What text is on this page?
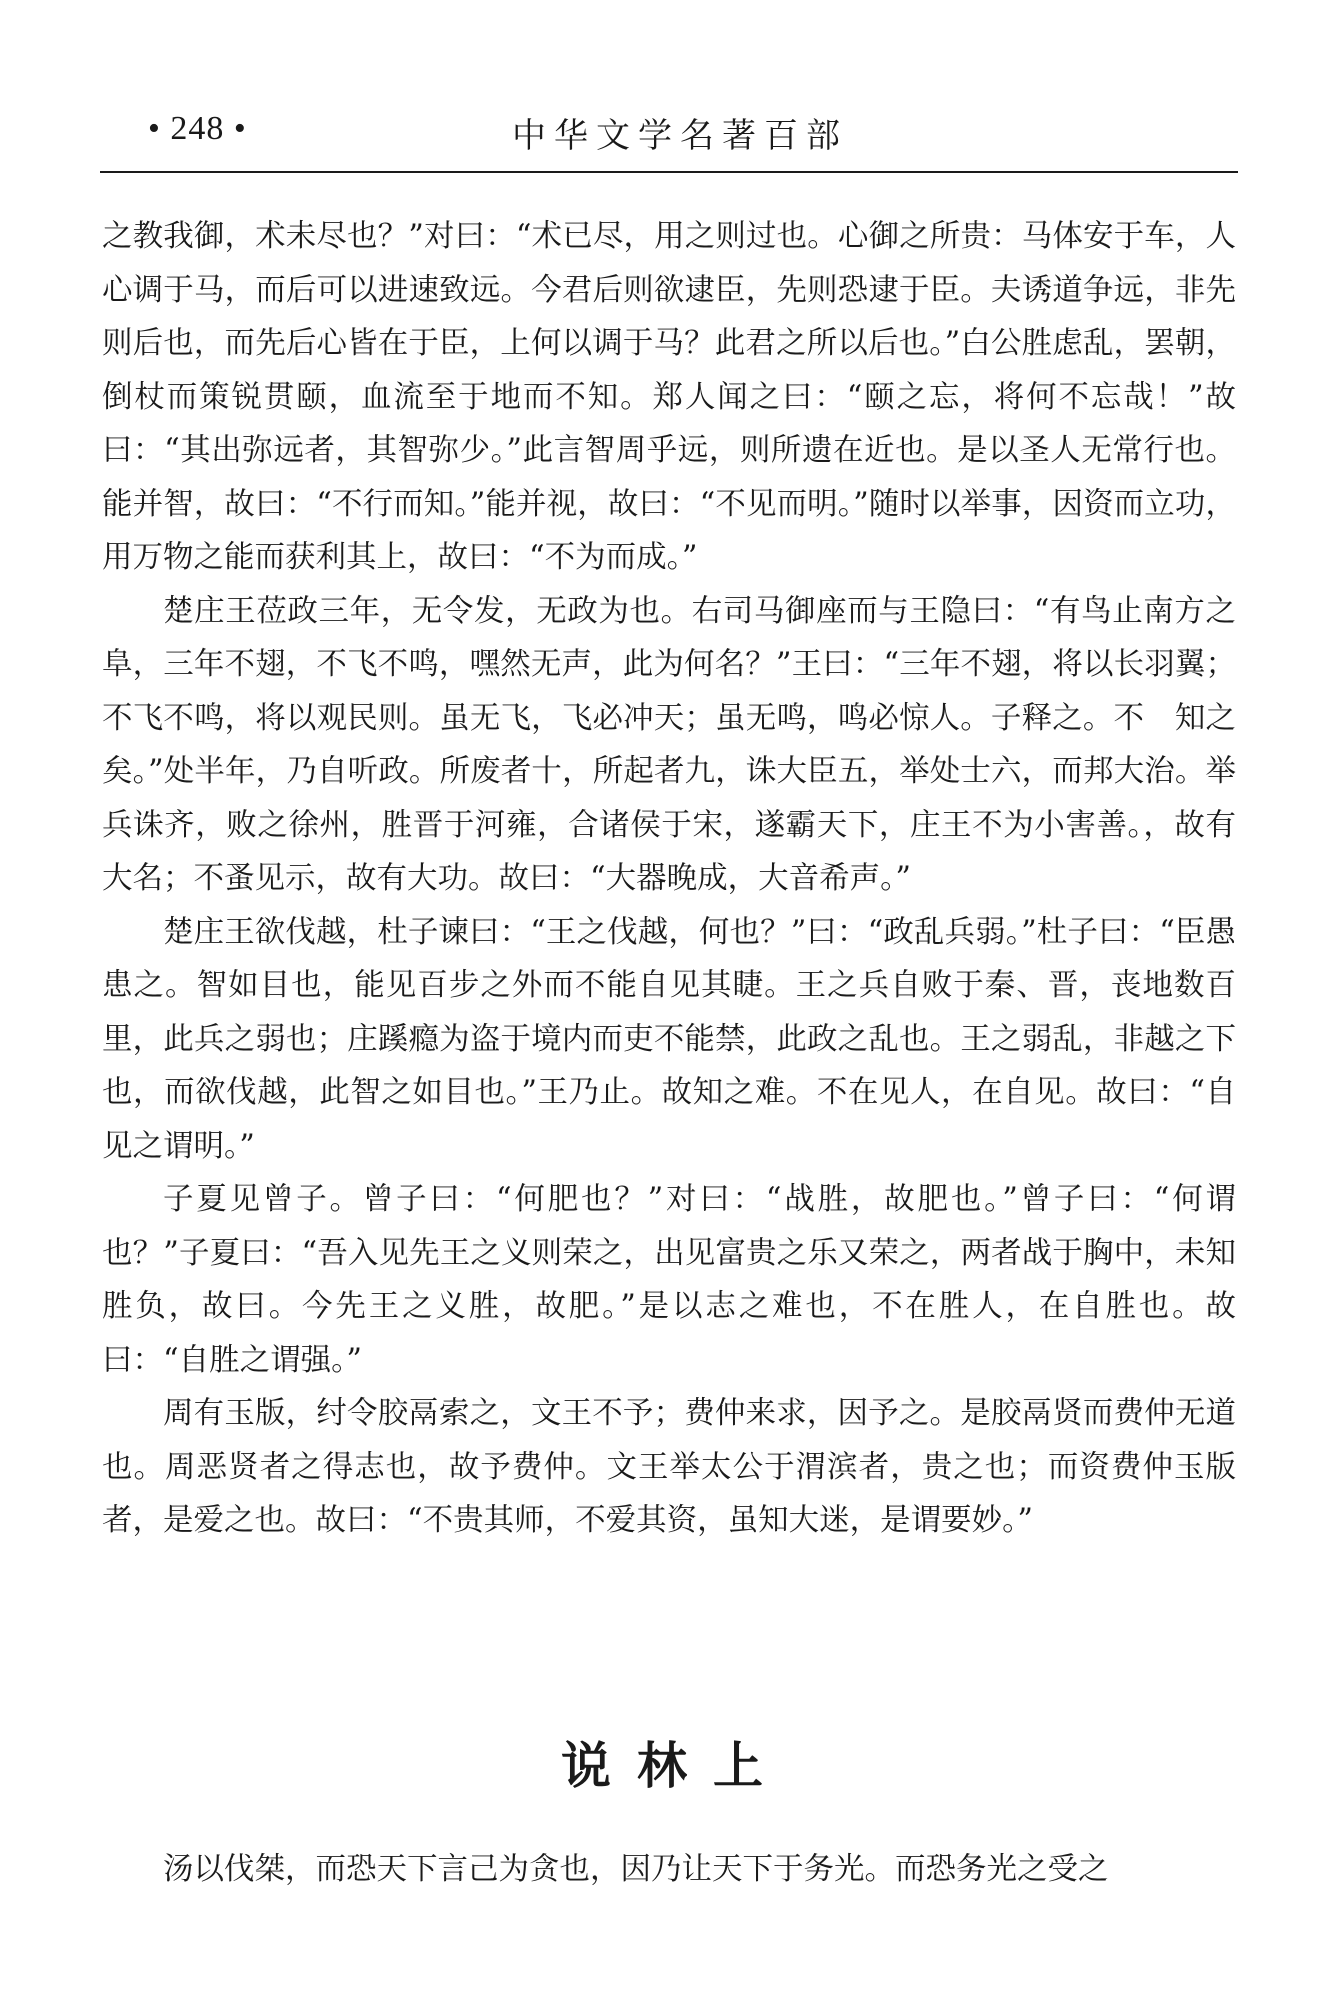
• 248 •	中华文学名著百部

之教我御，术未尽也？”对曰：“术已尽，用之则过也。心御之所贵：马体安于车，人心调于马，而后可以进速致远。今君后则欲逮臣，先则恐逮于臣。夫诱道争远，非先则后也，而先后心皆在于臣，上何以调于马？此君之所以后也。”白公胜虑乱，罢朝，倒杖而策锐贯颐，血流至于地而不知。郑人闻之曰：“颐之忘，将何不忘哉！”故曰：“其出弥远者，其智弥少。”此言智周乎远，则所遗在近也。是以圣人无常行也。能并智，故曰：“不行而知。”能并视，故曰：“不见而明。”随时以举事，因资而立功，用万物之能而获利其上，故曰：“不为而成。”

楚庄王莅政三年，无令发，无政为也。右司马御座而与王隐曰：“有鸟止南方之阜，三年不翅，不飞不鸣，嘿然无声，此为何名？”王曰：“三年不翅，将以长羽翼；不飞不鸣，将以观民则。虽无飞，飞必冲天；虽无鸣，鸣必惊人。子释之。不　知之矣。”处半年，乃自听政。所废者十，所起者九，诛大臣五，举处士六，而邦大治。举兵诛齐，败之徐州，胜晋于河雍，合诸侯于宋，遂霸天下，庄王不为小害善。，故有大名；不蚤见示，故有大功。故曰：“大器晚成，大音希声。”

楚庄王欲伐越，杜子谏曰：“王之伐越，何也？”曰：“政乱兵弱。”杜子曰：“臣愚患之。智如目也，能见百步之外而不能自见其睫。王之兵自败于秦、晋，丧地数百里，此兵之弱也；庄蹊瘾为盗于境内而吏不能禁，此政之乱也。王之弱乱，非越之下也，而欲伐越，此智之如目也。”王乃止。故知之难。不在见人，在自见。故曰：“自见之谓明。”

子夏见曾子。曾子曰：“何肥也？”对曰：“战胜，故肥也。”曾子曰：“何谓也？”子夏曰：“吾入见先王之义则荣之，出见富贵之乐又荣之，两者战于胸中，未知胜负，故曰。今先王之义胜，故肥。”是以志之难也，不在胜人，在自胜也。故曰：“自胜之谓强。”

周有玉版，纣令胶鬲索之，文王不予；费仲来求，因予之。是胶鬲贤而费仲无道也。周恶贤者之得志也，故予费仲。文王举太公于渭滨者，贵之也；而资费仲玉版者，是爱之也。故曰：“不贵其师，不爱其资，虽知大迷，是谓要妙。”

说林上

汤以伐桀，而恐天下言己为贪也，因乃让天下于务光。而恐务光之受之
